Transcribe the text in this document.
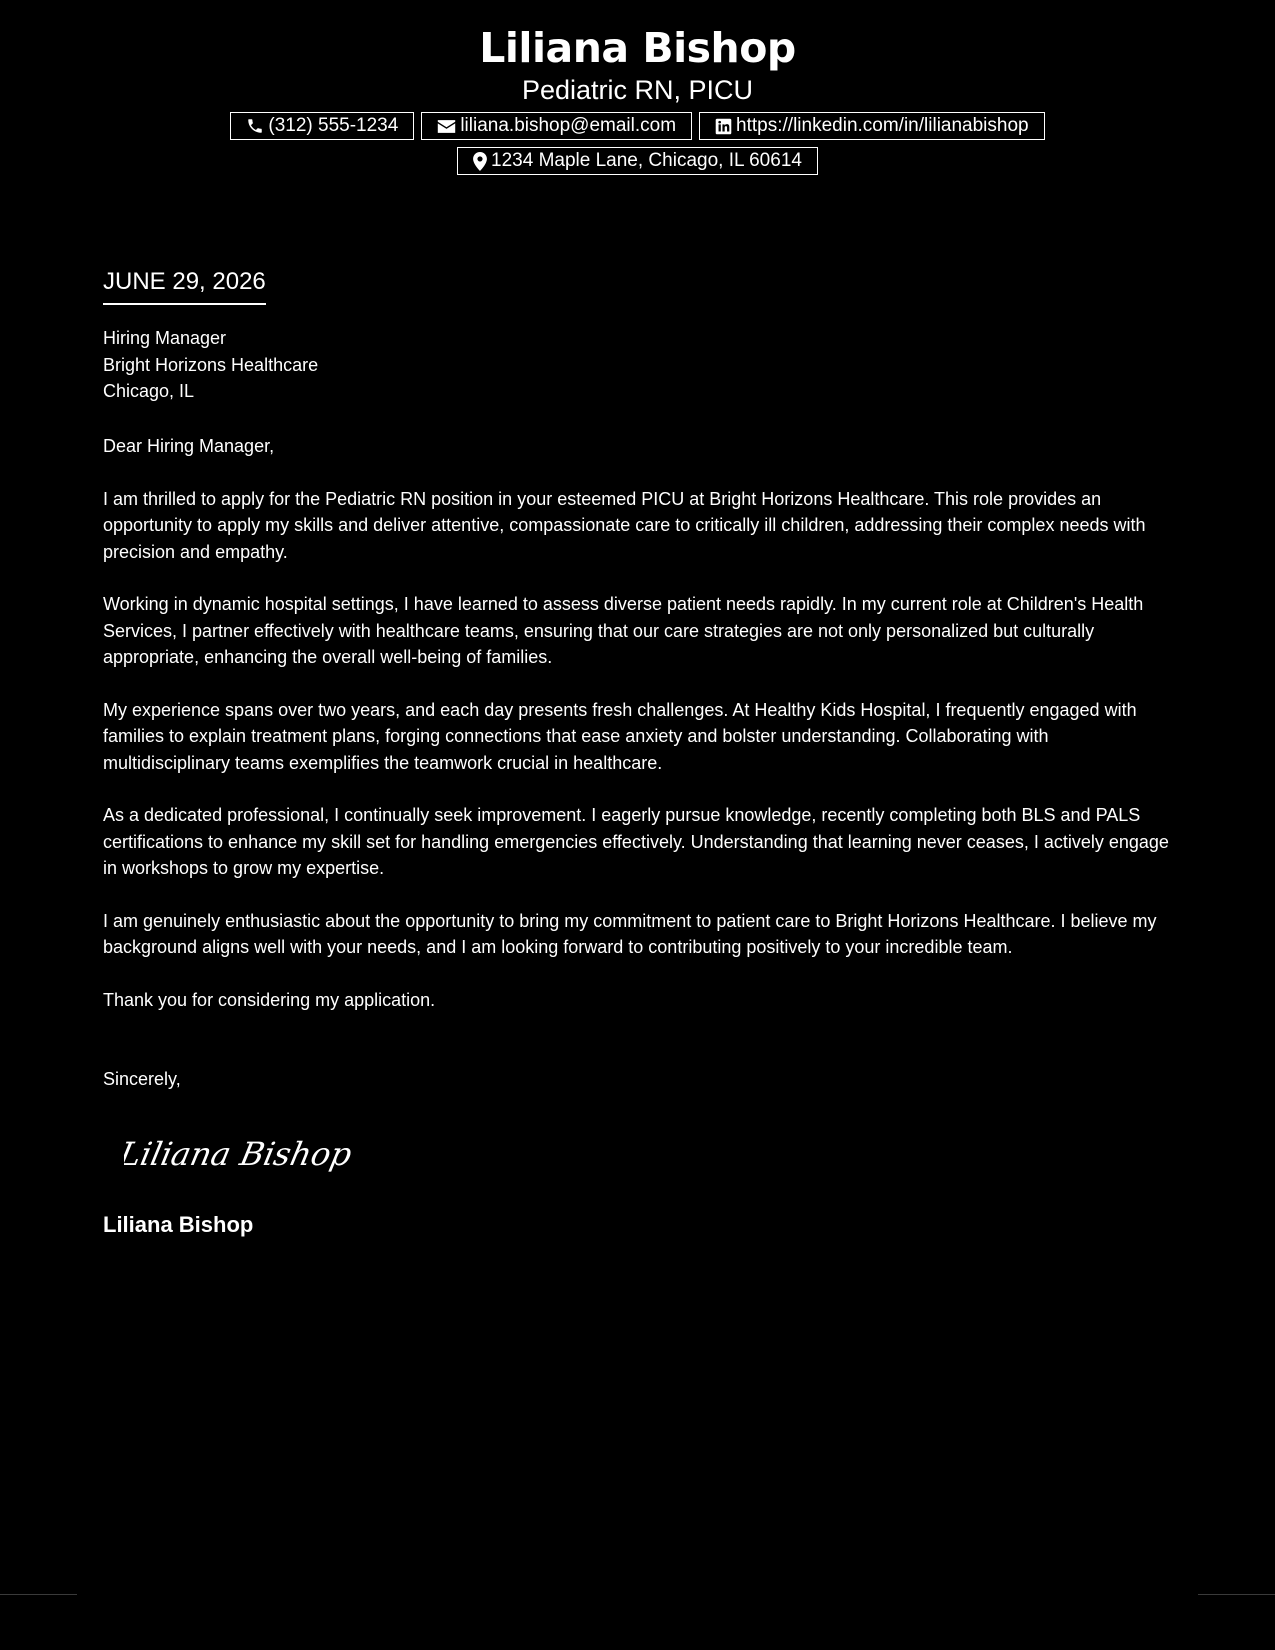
Liliana Bishop
Pediatric RN, PICU
(312) 555-1234	liliana.bishop@email.com	https://linkedin.com/in/lilianabishop
1234 Maple Lane, Chicago, IL 60614
JUNE 29, 2026
Hiring Manager
Bright Horizons Healthcare
Chicago, IL

Dear Hiring Manager,

I am thrilled to apply for the Pediatric RN position in your esteemed PICU at Bright Horizons Healthcare. This role provides an opportunity to apply my skills and deliver attentive, compassionate care to critically ill children, addressing their complex needs with precision and empathy.

Working in dynamic hospital settings, I have learned to assess diverse patient needs rapidly. In my current role at Children's Health Services, I partner effectively with healthcare teams, ensuring that our care strategies are not only personalized but culturally appropriate, enhancing the overall well-being of families.

My experience spans over two years, and each day presents fresh challenges. At Healthy Kids Hospital, I frequently engaged with families to explain treatment plans, forging connections that ease anxiety and bolster understanding. Collaborating with multidisciplinary teams exemplifies the teamwork crucial in healthcare.

As a dedicated professional, I continually seek improvement. I eagerly pursue knowledge, recently completing both BLS and PALS certifications to enhance my skill set for handling emergencies effectively. Understanding that learning never ceases, I actively engage in workshops to grow my expertise.

I am genuinely enthusiastic about the opportunity to bring my commitment to patient care to Bright Horizons Healthcare. I believe my background aligns well with your needs, and I am looking forward to contributing positively to your incredible team.

Thank you for considering my application.

Sincerely,
Liliana Bishop
Liliana Bishop
